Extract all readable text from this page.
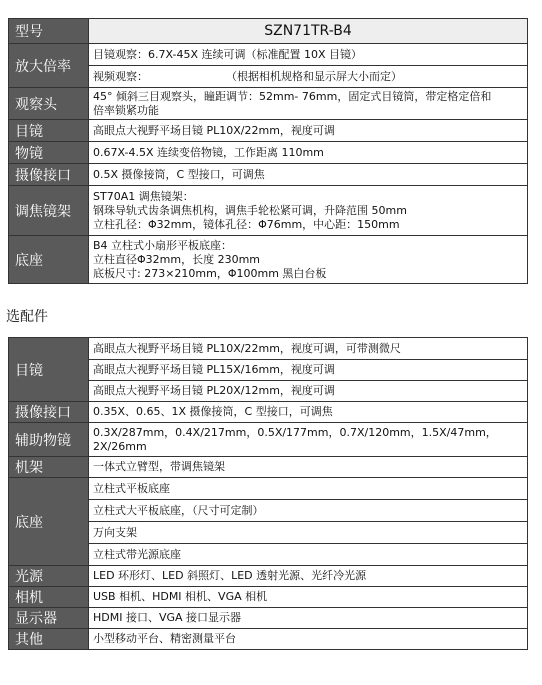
型号	SZN71TR-B4
放大倍率	目镜观察：6.7X-45X 连续可调（标准配置 10X 目镜）
	视频观察： （根据相机规格和显示屏大小而定）
观察头	45° 倾斜三目观察头，瞳距调节：52mm- 76mm，固定式目镜筒，带定格定倍和
倍率锁紧功能

目镜	高眼点大视野平场目镜 PL10X/22mm，视度可调
物镜	0.67X-4.5X 连续变倍物镜，工作距离 110mm
摄像接口	0.5X 摄像接筒，C 型接口，可调焦
调焦镜架	ST70A1 调焦镜架：
钢珠导轨式齿条调焦机构，调焦手轮松紧可调，升降范围 50mm
立柱孔径：Φ32mm，镜体孔径：Φ76mm，中心距：150mm

底座	B4 立柱式小扇形平板底座：
立柱直径Φ32mm，长度 230mm
底板尺寸: 273×210mm，Φ100mm 黑白台板
选配件
目镜	高眼点大视野平场目镜 PL10X/22mm，视度可调，可带测微尺
	高眼点大视野平场目镜 PL15X/16mm，视度可调
	高眼点大视野平场目镜 PL20X/12mm，视度可调
摄像接口	0.35X、0.65、1X 摄像接筒，C 型接口，可调焦
辅助物镜	0.3X/287mm，0.4X/217mm，0.5X/177mm，0.7X/120mm，1.5X/47mm，
2X/26mm

机架	一体式立臂型，带调焦镜架
底座	立柱式平板底座
	立柱式大平板底座，（尺寸可定制）
	万向支架
	立柱式带光源底座
光源	LED 环形灯、LED 斜照灯、LED 透射光源、光纤冷光源
相机	USB 相机、HDMI 相机、VGA 相机
显示器	HDMI 接口、VGA 接口显示器
其他	小型移动平台、精密测量平台
